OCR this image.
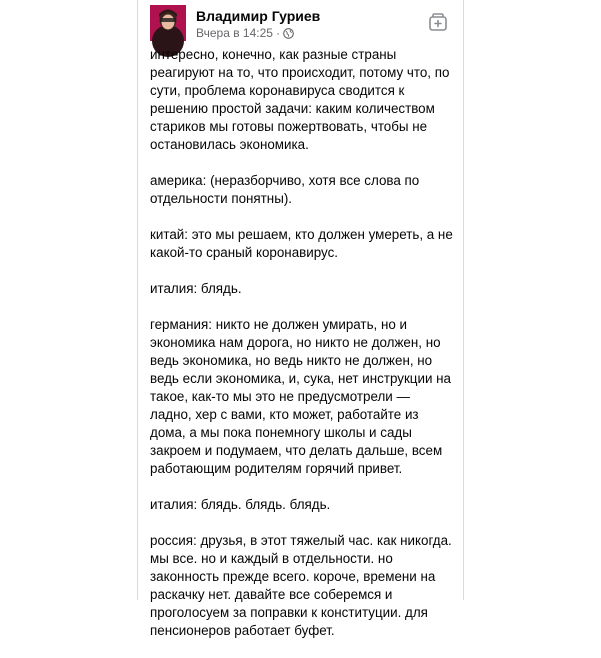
Владимир Гуриев
Вчера в 14:25 ·

интересно, конечно, как разные страны реагируют на то, что происходит, потому что, по сути, проблема коронавируса сводится к решению простой задачи: каким количеством стариков мы готовы пожертвовать, чтобы не остановилась экономика.

америка: (неразборчиво, хотя все слова по отдельности понятны).

китай: это мы решаем, кто должен умереть, а не какой-то сраный коронавирус.

италия: блядь.

германия: никто не должен умирать, но и экономика нам дорога, но никто не должен, но ведь экономика, но ведь никто не должен, но ведь если экономика, и, сука, нет инструкции на такое, как-то мы это не предусмотрели — ладно, хер с вами, кто может, работайте из дома, а мы пока понемногу школы и сады закроем и подумаем, что делать дальше, всем работающим родителям горячий привет.

италия: блядь. блядь. блядь.

россия: друзья, в этот тяжелый час. как никогда. мы все. но и каждый в отдельности. но законность прежде всего. короче, времени на раскачку нет. давайте все соберемся и проголосуем за поправки к конституции. для пенсионеров работает буфет.
